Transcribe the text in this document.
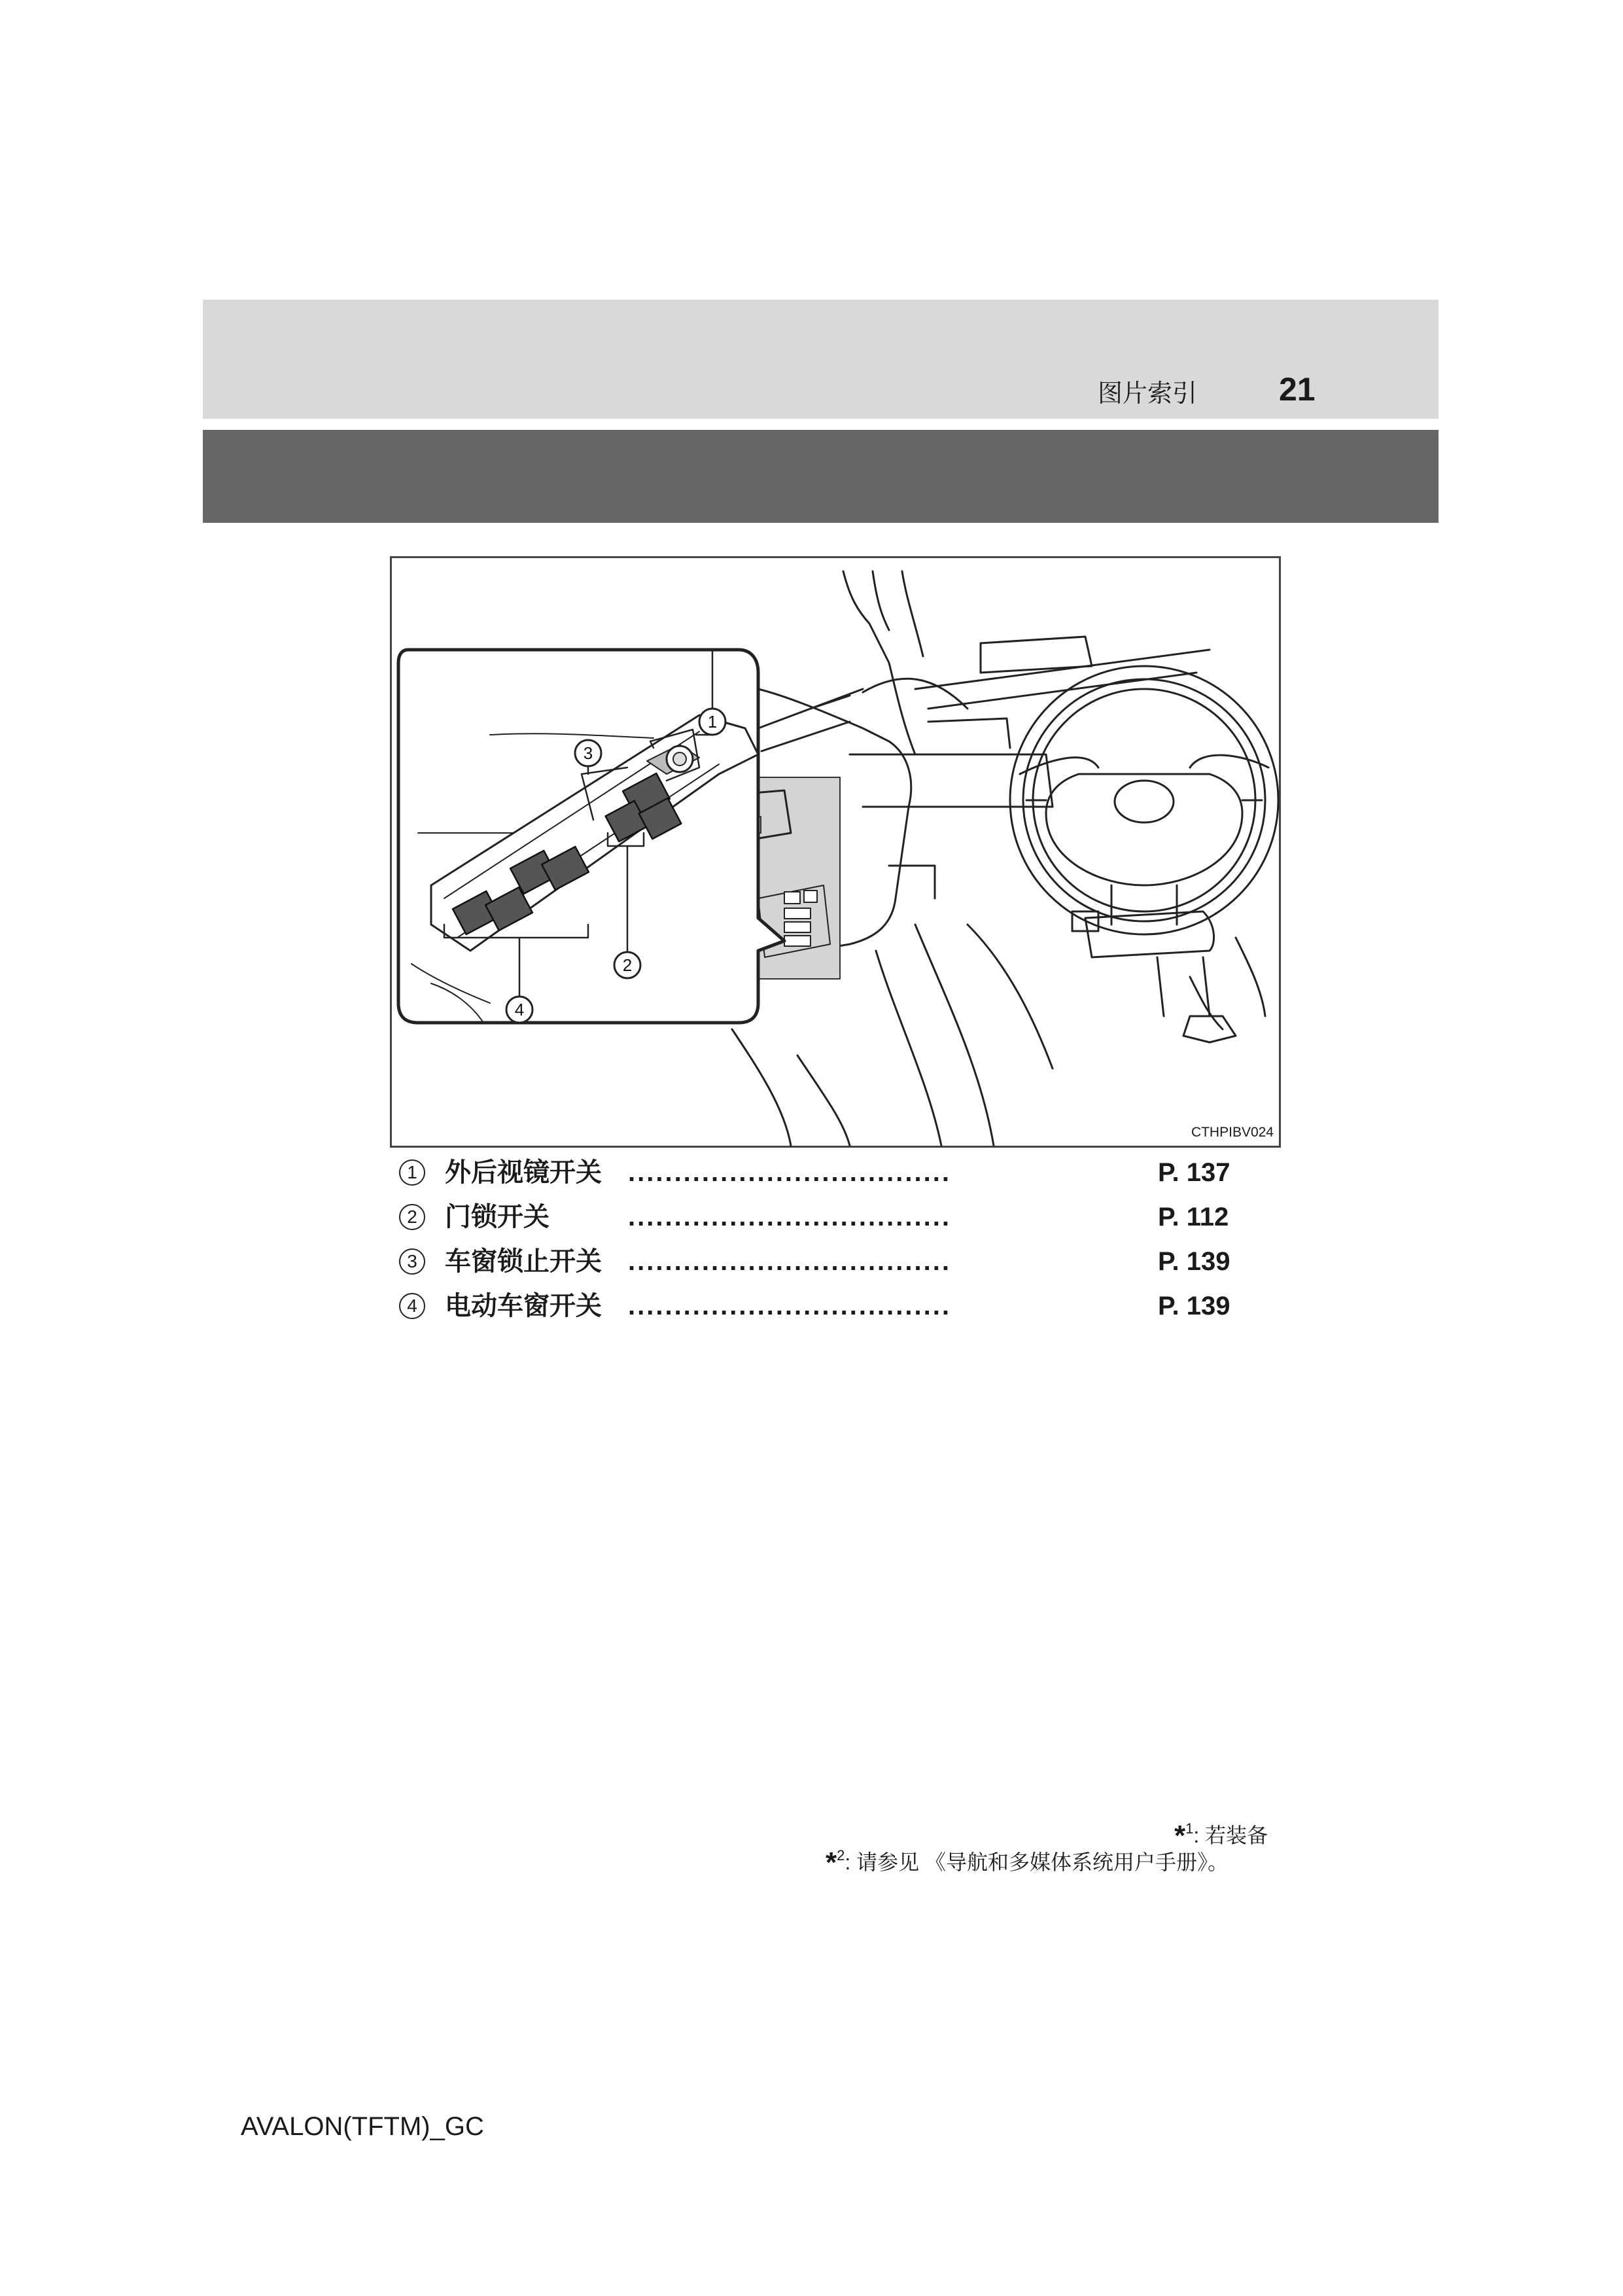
图片索引 21
1
3
2
4
CTHPIBV024
1	外后视镜开关 ...................................	P. 137
2	门锁开关	...................................	P. 112
3	车窗锁止开关 ...................................	P. 139
4	电动车窗开关 ...................................	P. 139
*$^1$: 若装备
*$^2$: 请参见 《导航和多媒体系统用户手册》。
AVALON(TFTM)_GC
